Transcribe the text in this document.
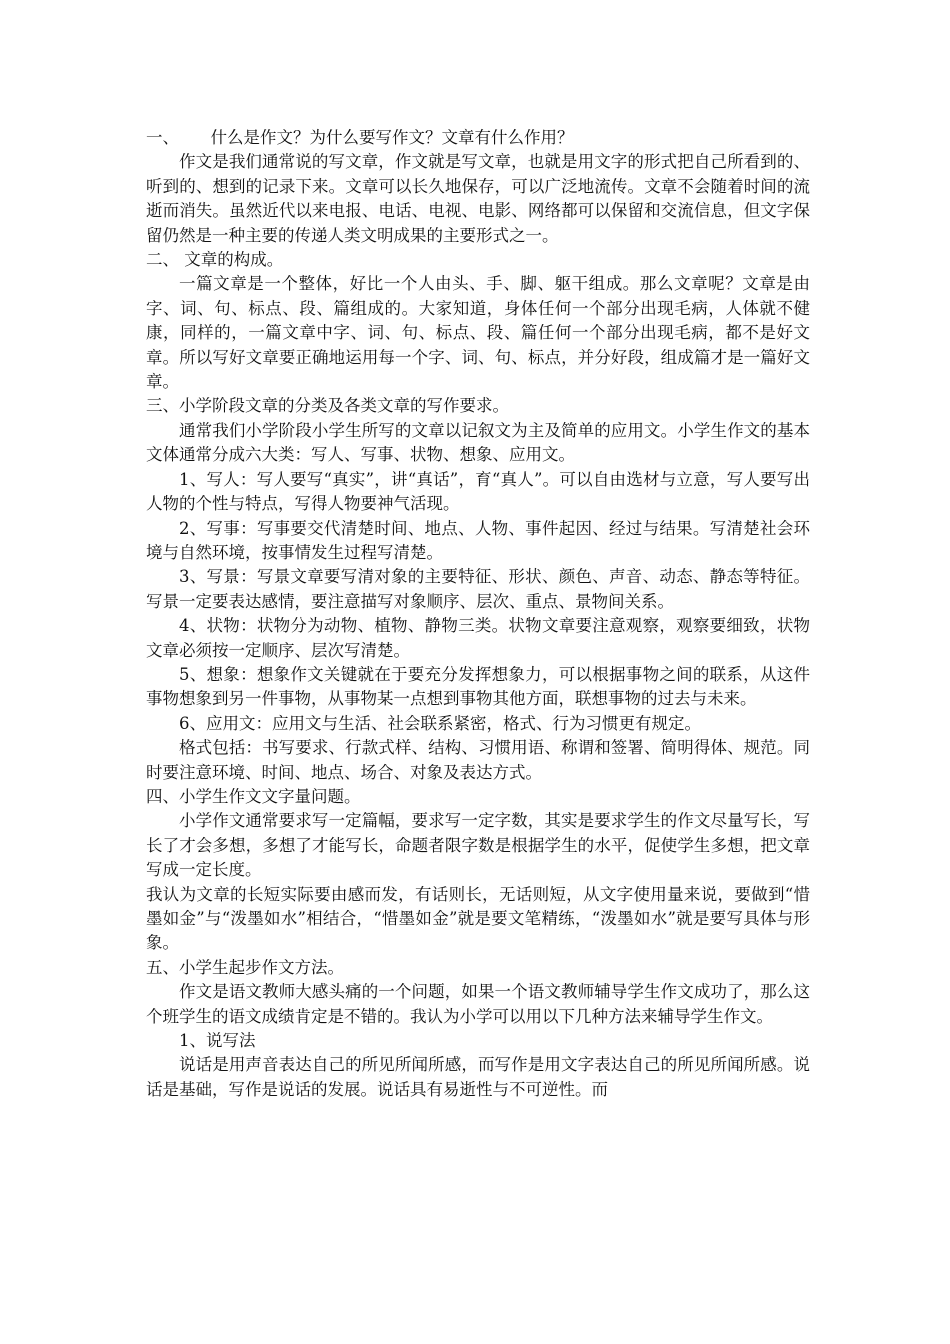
一、      什么是作文？为什么要写作文？文章有什么作用？

作文是我们通常说的写文章，作文就是写文章，也就是用文字的形式把自己所看到的、听到的、想到的记录下来。文章可以长久地保存，可以广泛地流传。文章不会随着时间的流逝而消失。虽然近代以来电报、电话、电视、电影、网络都可以保留和交流信息，但文字保留仍然是一种主要的传递人类文明成果的主要形式之一。

二、 文章的构成。

一篇文章是一个整体，好比一个人由头、手、脚、躯干组成。那么文章呢？文章是由字、词、句、标点、段、篇组成的。大家知道，身体任何一个部分出现毛病，人体就不健康，同样的，一篇文章中字、词、句、标点、段、篇任何一个部分出现毛病，都不是好文章。所以写好文章要正确地运用每一个字、词、句、标点，并分好段，组成篇才是一篇好文章。

三、小学阶段文章的分类及各类文章的写作要求。

通常我们小学阶段小学生所写的文章以记叙文为主及简单的应用文。小学生作文的基本文体通常分成六大类：写人、写事、状物、想象、应用文。

1、写人：写人要写“真实”，讲“真话”，育“真人”。可以自由选材与立意，写人要写出人物的个性与特点，写得人物要神气活现。

2、写事：写事要交代清楚时间、地点、人物、事件起因、经过与结果。写清楚社会环境与自然环境，按事情发生过程写清楚。

3、写景：写景文章要写清对象的主要特征、形状、颜色、声音、动态、静态等特征。写景一定要表达感情，要注意描写对象顺序、层次、重点、景物间关系。

4、状物：状物分为动物、植物、静物三类。状物文章要注意观察，观察要细致，状物文章必须按一定顺序、层次写清楚。

5、想象：想象作文关键就在于要充分发挥想象力，可以根据事物之间的联系，从这件事物想象到另一件事物，从事物某一点想到事物其他方面，联想事物的过去与未来。

6、应用文：应用文与生活、社会联系紧密，格式、行为习惯更有规定。

格式包括：书写要求、行款式样、结构、习惯用语、称谓和签署、简明得体、规范。同时要注意环境、时间、地点、场合、对象及表达方式。

四、小学生作文文字量问题。

小学作文通常要求写一定篇幅，要求写一定字数，其实是要求学生的作文尽量写长，写长了才会多想，多想了才能写长，命题者限字数是根据学生的水平，促使学生多想，把文章写成一定长度。

我认为文章的长短实际要由感而发，有话则长，无话则短，从文字使用量来说，要做到“惜墨如金”与“泼墨如水”相结合，“惜墨如金”就是要文笔精练，“泼墨如水”就是要写具体与形象。

五、小学生起步作文方法。

作文是语文教师大感头痛的一个问题，如果一个语文教师辅导学生作文成功了，那么这个班学生的语文成绩肯定是不错的。我认为小学可以用以下几种方法来辅导学生作文。

1、说写法

说话是用声音表达自己的所见所闻所感，而写作是用文字表达自己的所见所闻所感。说话是基础，写作是说话的发展。说话具有易逝性与不可逆性。而
